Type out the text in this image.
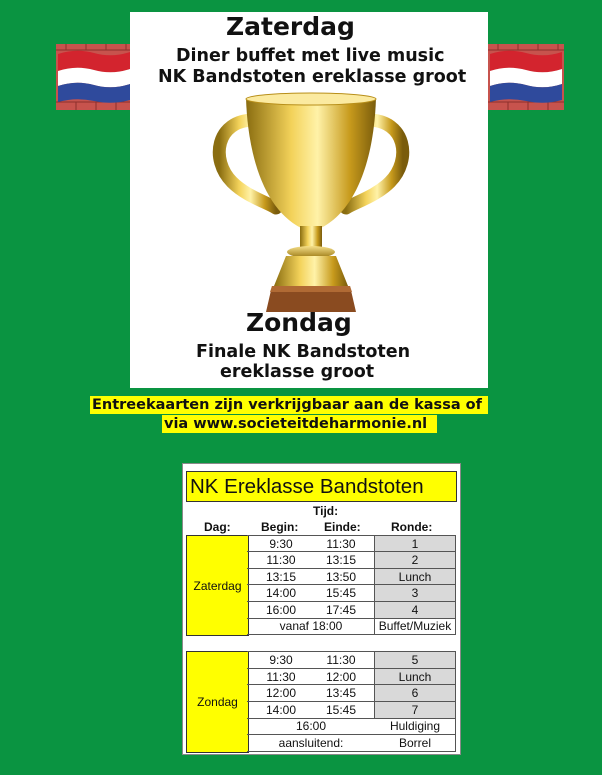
Zaterdag
Diner buffet met live music
NK Bandstoten ereklasse groot
Zondag
Finale NK Bandstoten
ereklasse groot
Entreekaarten zijn verkrijgbaar aan de kassa of
via www.societeitdeharmonie.nl
NK Ereklasse Bandstoten
Tijd:
Dag:	Begin: Einde:	Ronde:
Zaterdag
9:30	11:30	1
11:30	13:15	2
13:15	13:50	Lunch
14:00	15:45	3
16:00	17:45	4
vanaf 18:00	Buffet/Muziek
Zondag
9:30	11:30	5
11:30	12:00	Lunch
12:00	13:45	6
14:00	15:45	7
16:00	Huldiging
aansluitend:	Borrel
